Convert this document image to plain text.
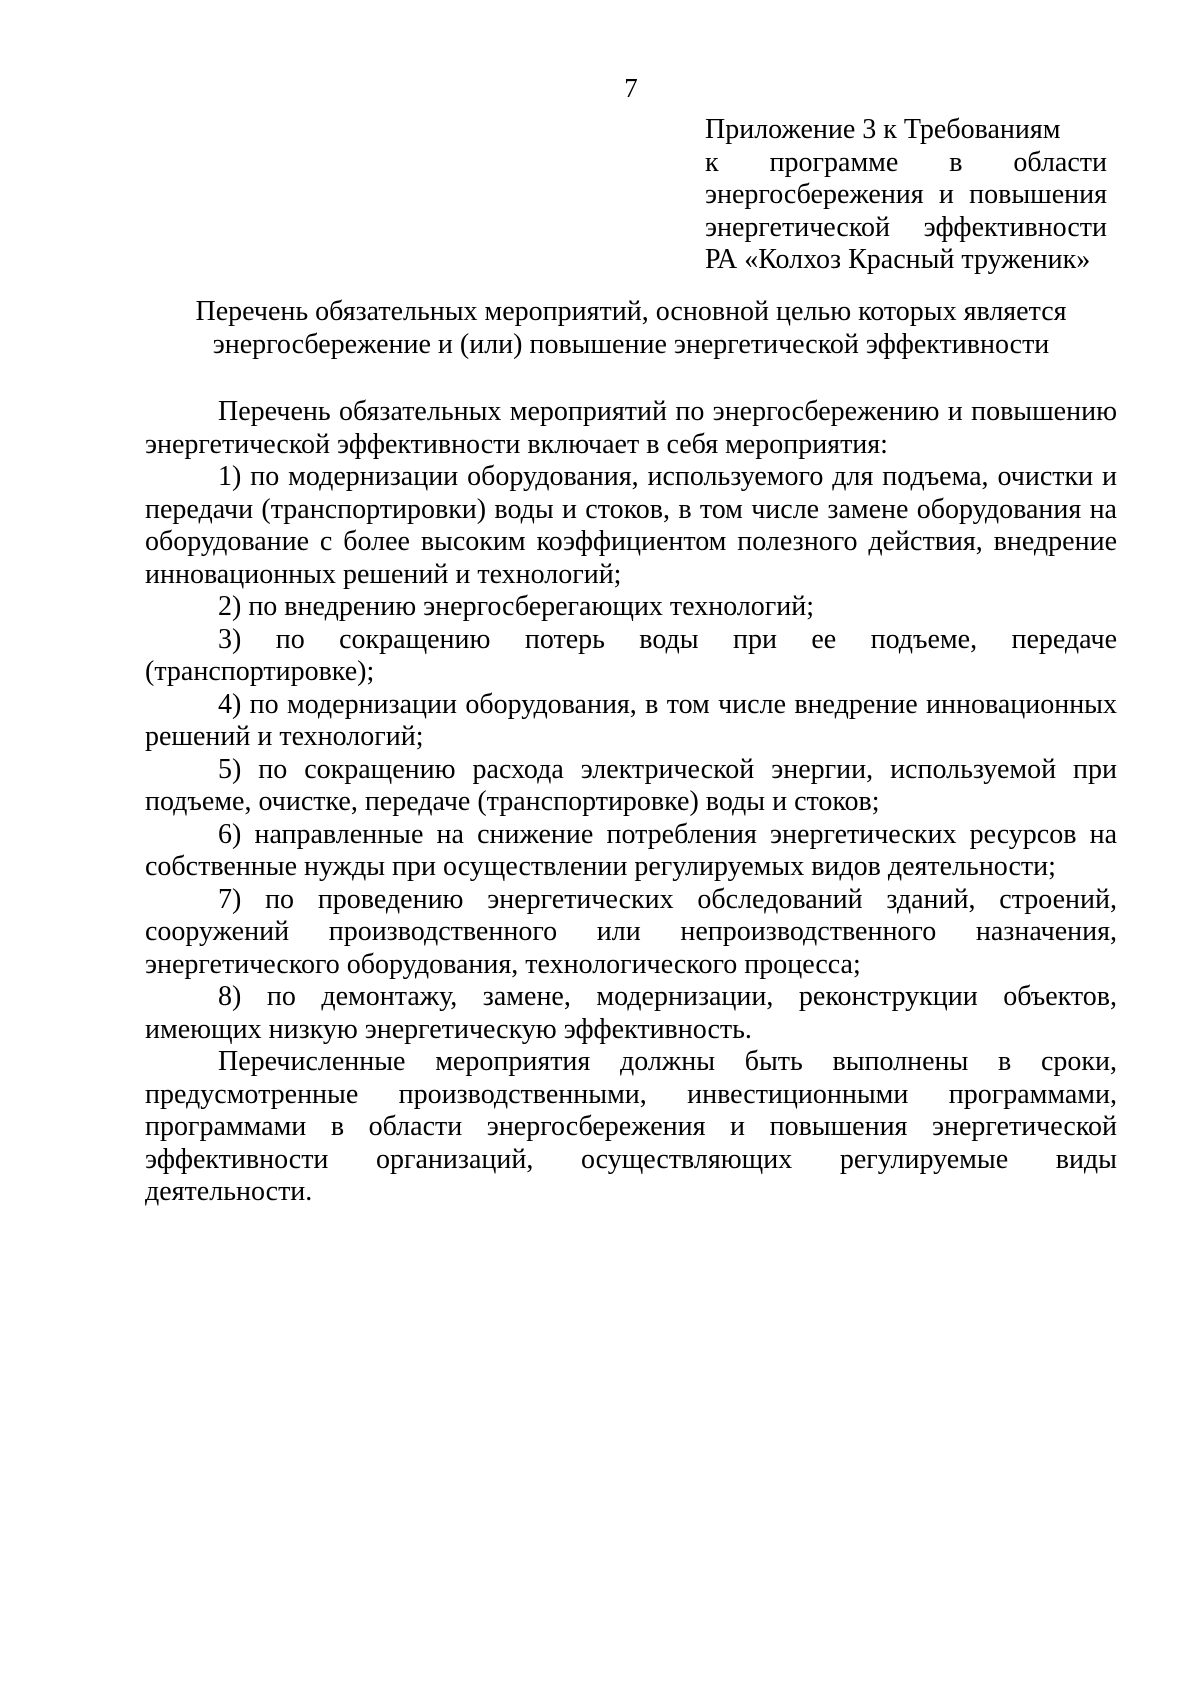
7
Приложение 3 к Требованиям
к программе в области
энергосбережения и повышения
энергетической эффективности
РА «Колхоз Красный труженик»
Перечень обязательных мероприятий, основной целью которых является
энергосбережение и (или) повышение энергетической эффективности

Перечень обязательных мероприятий по энергосбережению и повышению энергетической эффективности включает в себя мероприятия:

1) по модернизации оборудования, используемого для подъема, очистки и передачи (транспортировки) воды и стоков, в том числе замене оборудования на оборудование с более высоким коэффициентом полезного действия, внедрение инновационных решений и технологий;

2) по внедрению энергосберегающих технологий;

3) по сокращению потерь воды при ее подъеме, передаче (транспортировке);

4) по модернизации оборудования, в том числе внедрение инновационных решений и технологий;

5) по сокращению расхода электрической энергии, используемой при подъеме, очистке, передаче (транспортировке) воды и стоков;

6) направленные на снижение потребления энергетических ресурсов на собственные нужды при осуществлении регулируемых видов деятельности;

7) по проведению энергетических обследований зданий, строений, сооружений производственного или непроизводственного назначения, энергетического оборудования, технологического процесса;

8) по демонтажу, замене, модернизации, реконструкции объектов, имеющих низкую энергетическую эффективность.

Перечисленные мероприятия должны быть выполнены в сроки, предусмотренные производственными, инвестиционными программами, программами в области энергосбережения и повышения энергетической эффективности организаций, осуществляющих регулируемые виды деятельности.
